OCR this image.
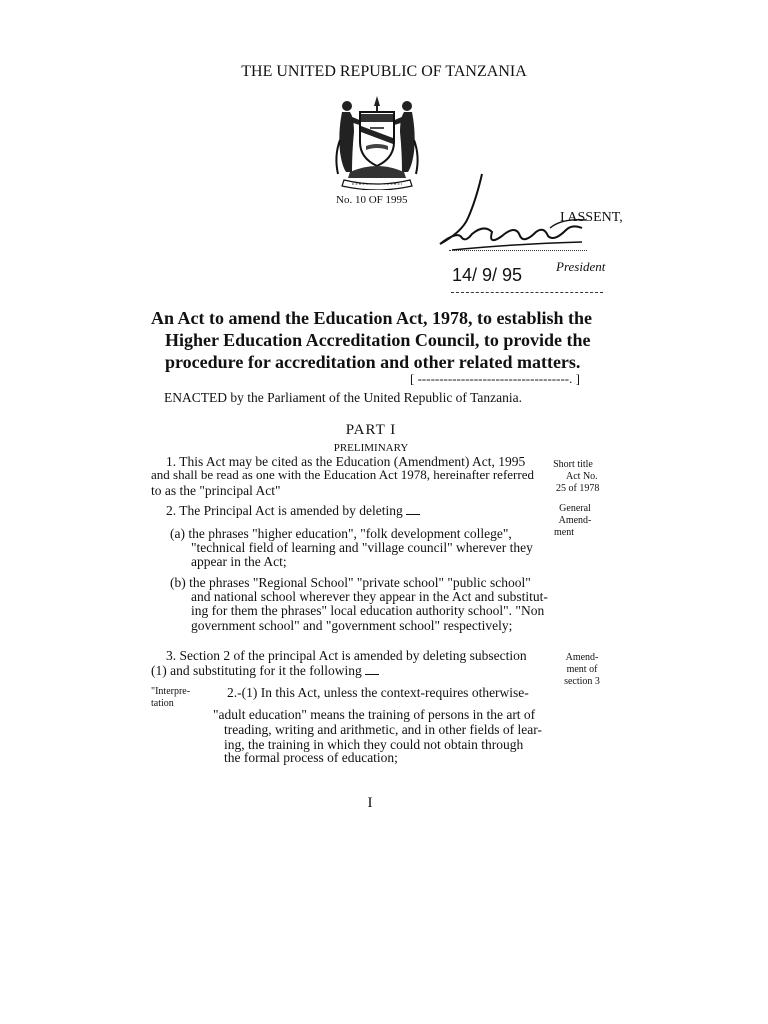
THE UNITED REPUBLIC OF TANZANIA
No. 10 OF 1995
I ASSENT,
President
14/ 9/ 95
An Act to amend the Education Act, 1978, to establish the
Higher Education Accreditation Council, to provide the
procedure for accreditation and other related matters.
[ -----------------------------------. ]
ENACTED by the Parliament of the United Republic of Tanzania.
PART I
PRELIMINARY
1. This Act may be cited as the Education (Amendment) Act, 1995
and shall be read as one with the Education Act 1978, hereinafter referred
to as the "principal Act"
Short title
Act No.
25 of 1978
2. The Principal Act is amended by deleting	General
Amend-
ment
(a) the phrases "higher education", "folk development college",
"technical field of learning and "village council" wherever they
appear in the Act;
(b) the phrases "Regional School" "private school" "public school"
and national school wherever they appear in the Act and substitut-
ing for them the phrases" local education authority school". "Non
government school" and "government school" respectively;
3. Section 2 of the principal Act is amended by deleting subsection
(1) and substituting for it the following
Amend-
ment of
section 3
"Interpre-
tation
2.-(1) In this Act, unless the context-requires otherwise-
"adult education" means the training of persons in the art of
treading, writing and arithmetic, and in other fields of lear-
ing, the training in which they could not obtain through
the formal process of education;
I
